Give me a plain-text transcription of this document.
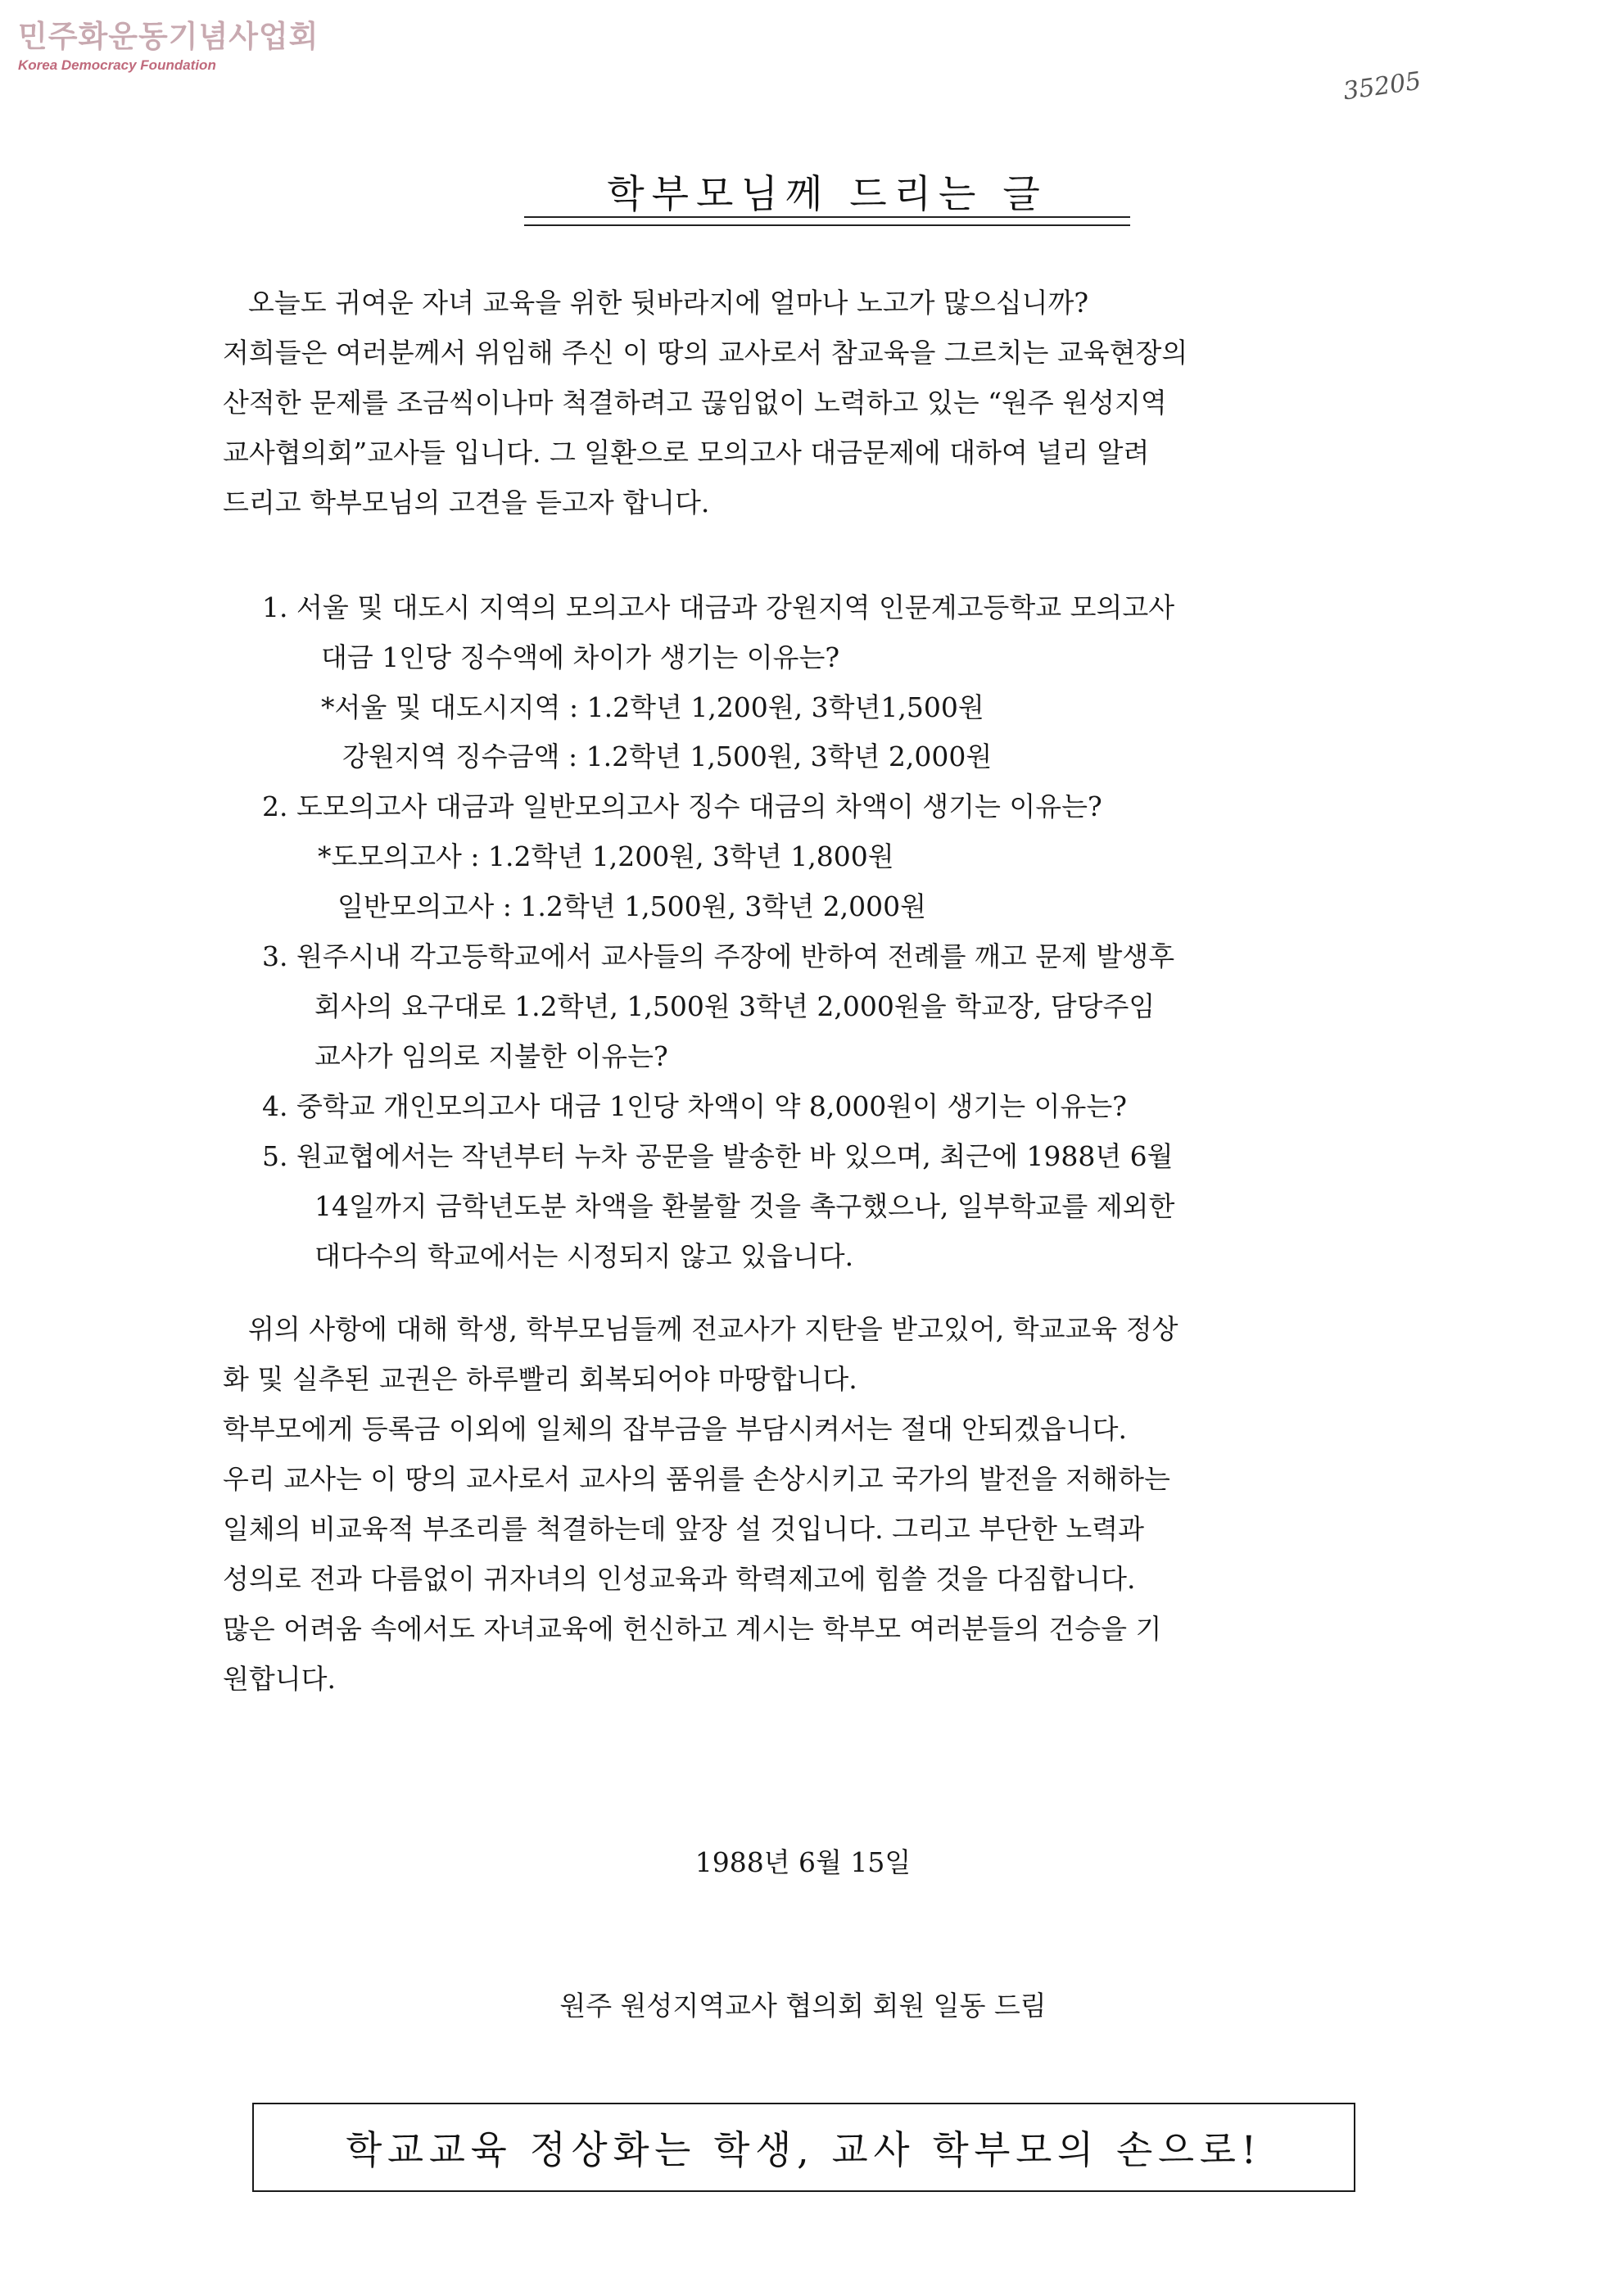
민주화운동기념사업회
Korea Democracy Foundation
35205
학부모님께 드리는 글
오늘도 귀여운 자녀 교육을 위한 뒷바라지에 얼마나 노고가 많으십니까?
저희들은 여러분께서 위임해 주신 이 땅의 교사로서 참교육을 그르치는 교육현장의
산적한 문제를 조금씩이나마 척결하려고 끊임없이 노력하고 있는 “원주 원성지역
교사협의회”교사들 입니다. 그 일환으로 모의고사 대금문제에 대하여 널리 알려
드리고 학부모님의 고견을 듣고자 합니다.
1. 서울 및 대도시 지역의 모의고사 대금과 강원지역 인문계고등학교 모의고사
대금 1인당 징수액에 차이가 생기는 이유는?
*서울 및 대도시지역 : 1.2학년 1,200원, 3학년1,500원
강원지역 징수금액 : 1.2학년 1,500원, 3학년 2,000원
2. 도모의고사 대금과 일반모의고사 징수 대금의 차액이 생기는 이유는?
*도모의고사 : 1.2학년 1,200원, 3학년 1,800원
일반모의고사 : 1.2학년 1,500원, 3학년 2,000원
3. 원주시내 각고등학교에서 교사들의 주장에 반하여 전례를 깨고 문제 발생후
회사의 요구대로 1.2학년, 1,500원 3학년 2,000원을 학교장, 담당주임
교사가 임의로 지불한 이유는?
4. 중학교 개인모의고사 대금 1인당 차액이 약 8,000원이 생기는 이유는?
5. 원교협에서는 작년부터 누차 공문을 발송한 바 있으며, 최근에 1988년 6월
14일까지 금학년도분 차액을 환불할 것을 촉구했으나, 일부학교를 제외한
대다수의 학교에서는 시정되지 않고 있읍니다.
위의 사항에 대해 학생, 학부모님들께 전교사가 지탄을 받고있어, 학교교육 정상
화 및 실추된 교권은 하루빨리 회복되어야 마땅합니다.
학부모에게 등록금 이외에 일체의 잡부금을 부담시켜서는 절대 안되겠읍니다.
우리 교사는 이 땅의 교사로서 교사의 품위를 손상시키고 국가의 발전을 저해하는
일체의 비교육적 부조리를 척결하는데 앞장 설 것입니다. 그리고 부단한 노력과
성의로 전과 다름없이 귀자녀의 인성교육과 학력제고에 힘쓸 것을 다짐합니다.
많은 어려움 속에서도 자녀교육에 헌신하고 계시는 학부모 여러분들의 건승을 기
원합니다.
1988년 6월 15일
원주 원성지역교사 협의회 회원 일동 드림
학교교육 정상화는 학생, 교사 학부모의 손으로!
